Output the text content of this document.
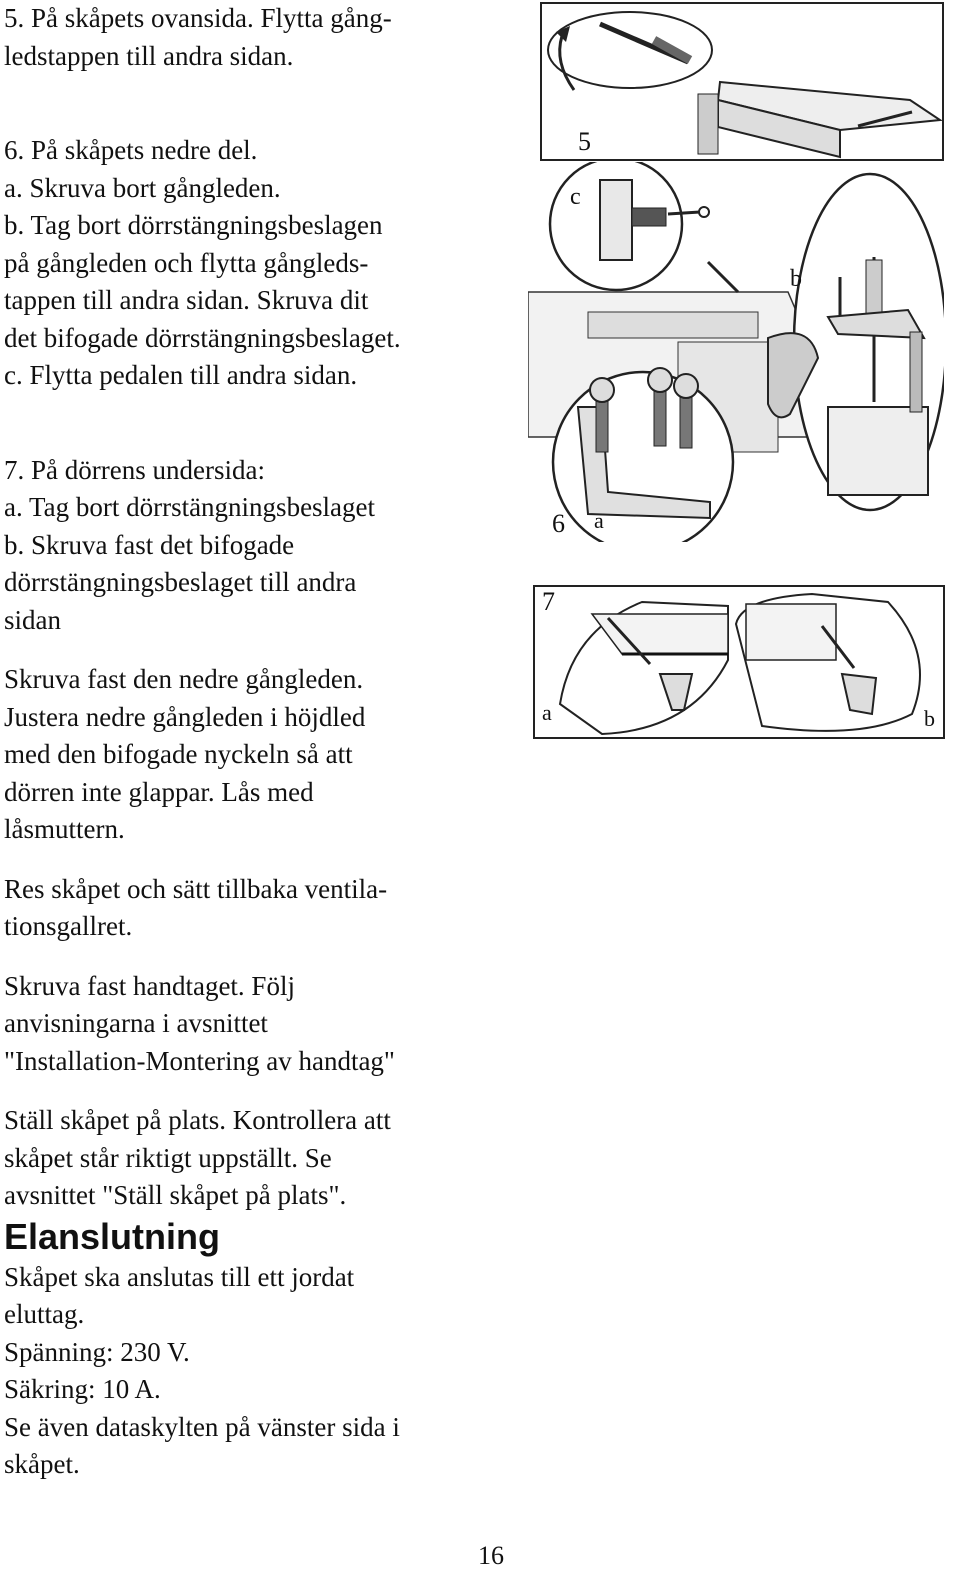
5. På skåpets ovansida. Flytta gång-
ledstappen till andra sidan.

6. På skåpets nedre del.
a. Skruva bort gångleden.
b. Tag bort dörrstängningsbeslagen
på gångleden och flytta gångleds-
tappen till andra sidan. Skruva dit
det bifogade dörrstängningsbeslaget.
c. Flytta pedalen till andra sidan.

7. På dörrens undersida:
a. Tag bort dörrstängningsbeslaget
b. Skruva fast det bifogade
dörrstängningsbeslaget till andra
sidan

Skruva fast den nedre gångleden.
Justera nedre gångleden i höjdled
med den bifogade nyckeln så att
dörren inte glappar. Lås med
låsmuttern.

Res skåpet och sätt tillbaka ventila-
tionsgallret.

Skruva fast handtaget. Följ
anvisningarna i avsnittet
"Installation-Montering av handtag"

Ställ skåpet på plats. Kontrollera att
skåpet står riktigt uppställt. Se
avsnittet "Ställ skåpet på plats".

Elanslutning

Skåpet ska anslutas till ett jordat
eluttag.
Spänning: 230 V.
Säkring: 10 A.
Se även dataskylten på vänster sida i
skåpet.

5
c
b
6 a
7
a	b
16
